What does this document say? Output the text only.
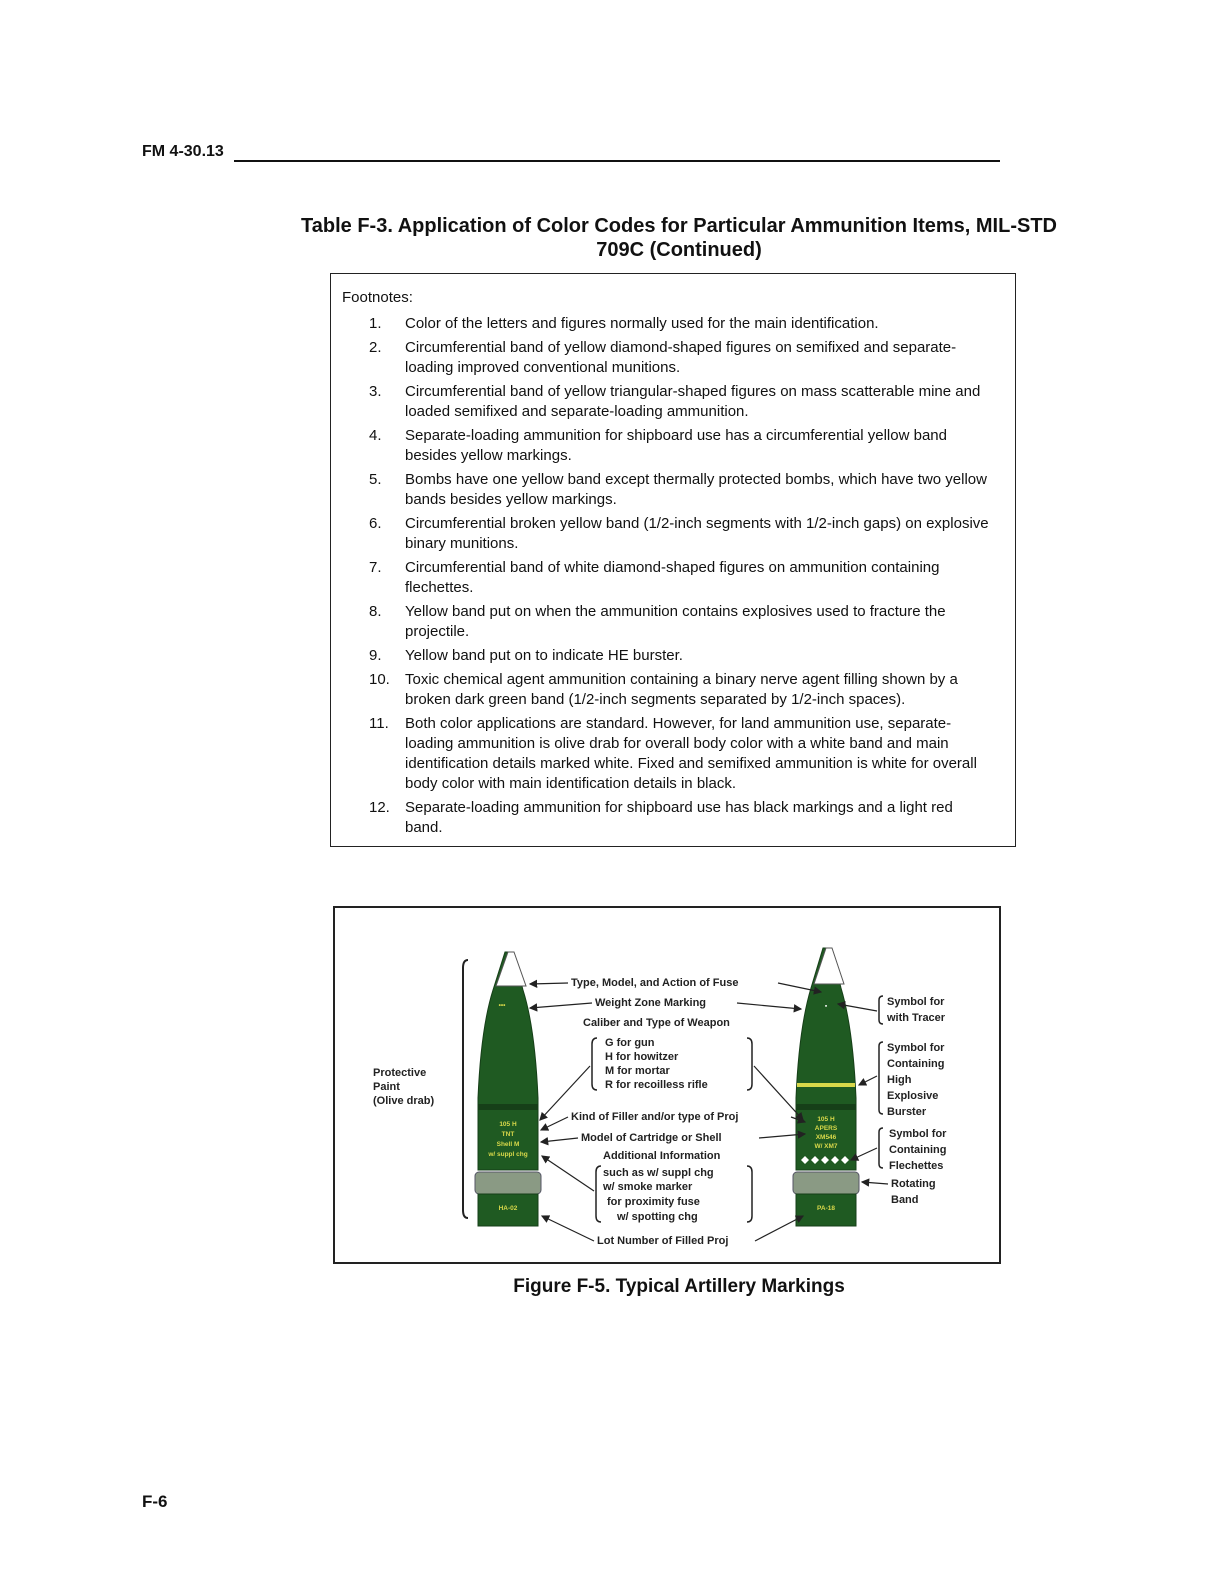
FM 4-30.13
Table F-3. Application of Color Codes for Particular Ammunition Items, MIL-STD 709C (Continued)
Footnotes:
1. Color of the letters and figures normally used for the main identification.
2. Circumferential band of yellow diamond-shaped figures on semifixed and separate-loading improved conventional munitions.
3. Circumferential band of yellow triangular-shaped figures on mass scatterable mine and loaded semifixed and separate-loading ammunition.
4. Separate-loading ammunition for shipboard use has a circumferential yellow band besides yellow markings.
5. Bombs have one yellow band except thermally protected bombs, which have two yellow bands besides yellow markings.
6. Circumferential broken yellow band (1/2-inch segments with 1/2-inch gaps) on explosive binary munitions.
7. Circumferential band of white diamond-shaped figures on ammunition containing flechettes.
8. Yellow band put on when the ammunition contains explosives used to fracture the projectile.
9. Yellow band put on to indicate HE burster.
10. Toxic chemical agent ammunition containing a binary nerve agent filling shown by a broken dark green band (1/2-inch segments separated by 1/2-inch spaces).
11. Both color applications are standard. However, for land ammunition use, separate-loading ammunition is olive drab for overall body color with a white band and main identification details marked white. Fixed and semifixed ammunition is white for overall body color with main identification details in black.
12. Separate-loading ammunition for shipboard use has black markings and a light red band.
Protective
Paint
(Olive drab)
•••
105 H
TNT
Shell M
w/ suppl chg
HA-02
▪
105 H
APERS
XM546
W/ XM7
PA-18
Type, Model, and Action of Fuse
Weight Zone Marking
Caliber and Type of Weapon
G for gun
H for howitzer
M for mortar
R for recoilless rifle
Kind of Filler and/or type of Proj
Model of Cartridge or Shell
Additional Information
such as w/ suppl chg
w/ smoke marker
for proximity fuse
w/ spotting chg
Lot Number of Filled Proj
Symbol for
with Tracer
Symbol for
Containing
High
Explosive
Burster
Symbol for
Containing
Flechettes
Rotating
Band
Figure F-5. Typical Artillery Markings
F-6
